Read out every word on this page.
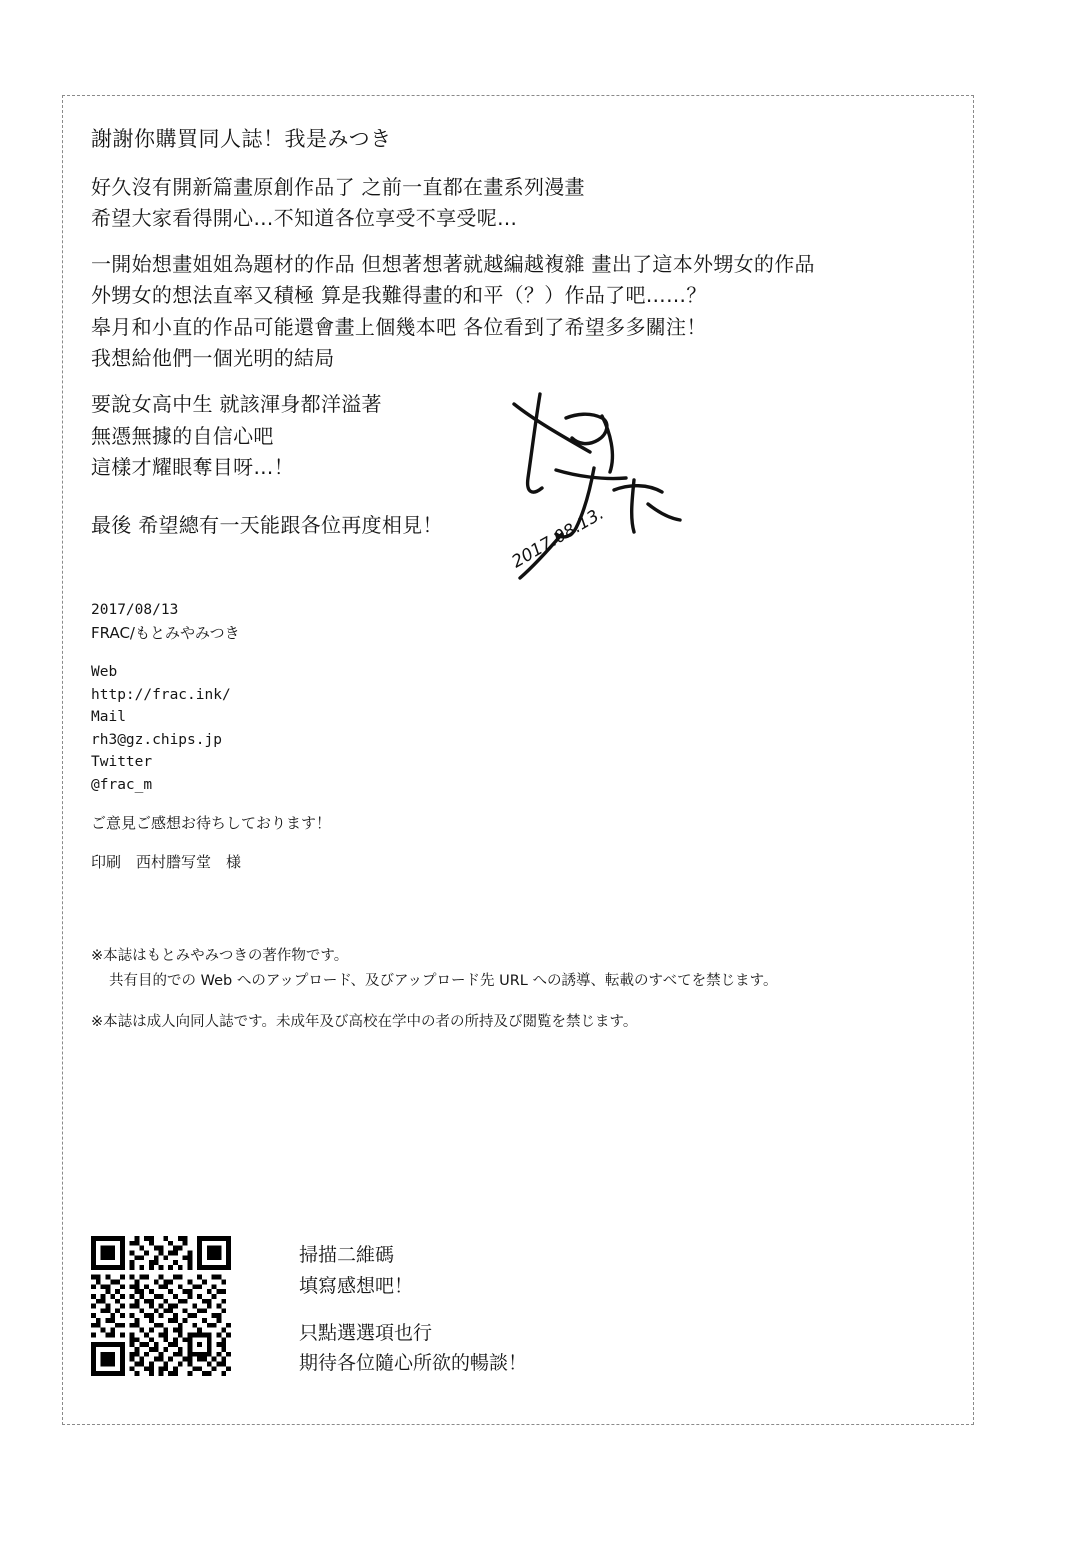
謝謝你購買同人誌！我是みつき
好久沒有開新篇畫原創作品了 之前一直都在畫系列漫畫
希望大家看得開心…不知道各位享受不享受呢…
一開始想畫姐姐為題材的作品 但想著想著就越編越複雜 畫出了這本外甥女的作品
外甥女的想法直率又積極 算是我難得畫的和平（？）作品了吧……？
皋月和小直的作品可能還會畫上個幾本吧 各位看到了希望多多關注！
我想給他們一個光明的結局
要說女高中生 就該渾身都洋溢著
無憑無據的自信心吧
這樣才耀眼奪目呀…！
最後 希望總有一天能跟各位再度相見！	2017.08.13.
2017/08/13
FRAC/もとみやみつき
Web
http://frac.ink/
Mail
rh3@gz.chips.jp
Twitter
@frac_m
ご意見ご感想お待ちしております！
印刷　西村謄写堂　様
※本誌はもとみやみつきの著作物です。
共有目的での Web へのアップロード、及びアップロード先 URL への誘導、転載のすべてを禁じます。
※本誌は成人向同人誌です。未成年及び高校在学中の者の所持及び閲覧を禁じます。
掃描二維碼
填寫感想吧！
只點選選項也行
期待各位隨心所欲的暢談！
